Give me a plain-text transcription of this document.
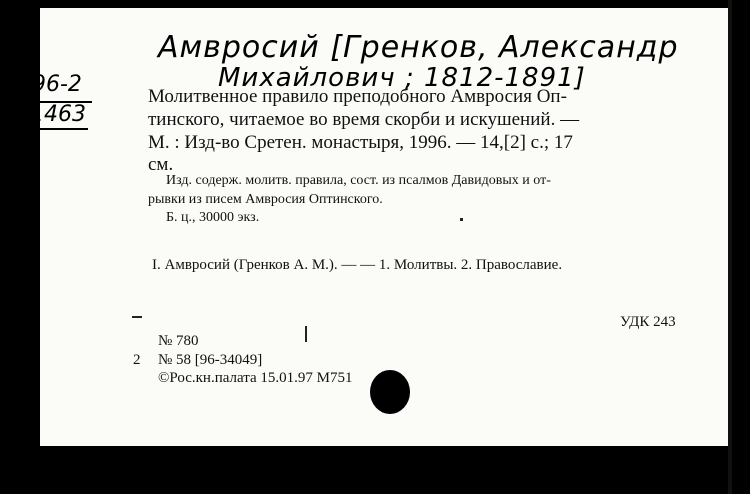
Амвросий [Гренков, Александр
Михайлович ; 1812-1891]
96-2
1463
Молитвенное правило преподобного Амвросия Оп-
тинского, читаемое во время скорби и искушений. —
М. : Изд-во Сретен. монастыря, 1996. — 14,[2] с.; 17
см.
Изд. содерж. молитв. правила, сост. из псалмов Давидовых и от-
рывки из писем Амвросия Оптинского.
Б. ц., 30000 экз.
I. Амвросий (Гренков А. М.). — — 1. Молитвы. 2. Православие.
УДК 243
№ 780
2 № 58 [96-34049]
©Рос.кн.палата 15.01.97 М751
